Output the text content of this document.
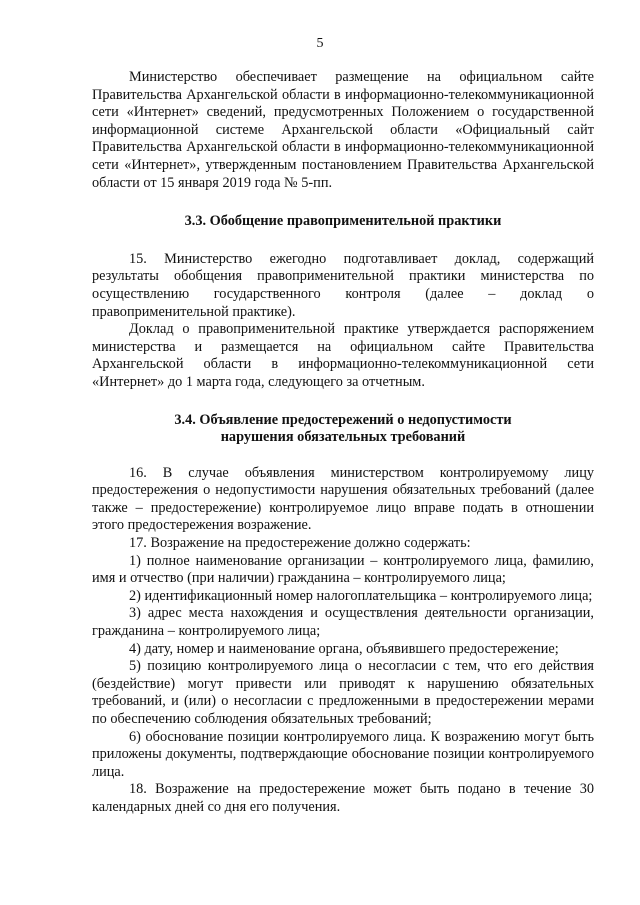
5

Министерство обеспечивает размещение на официальном сайте Правительства Архангельской области в информационно-телекоммуникационной сети «Интернет» сведений, предусмотренных Положением о государственной информационной системе Архангельской области «Официальный сайт Правительства Архангельской области в информационно-телекоммуникационной сети «Интернет», утвержденным постановлением Правительства Архангельской области от 15 января 2019 года № 5-пп.

3.3. Обобщение правоприменительной практики

15. Министерство ежегодно подготавливает доклад, содержащий результаты обобщения правоприменительной практики министерства по осуществлению государственного контроля (далее – доклад о правоприменительной практике).

Доклад о правоприменительной практике утверждается распоряжением министерства и размещается на официальном сайте Правительства Архангельской области в информационно-телекоммуникационной сети «Интернет» до 1 марта года, следующего за отчетным.

3.4. Объявление предостережений о недопустимости
нарушения обязательных требований

16. В случае объявления министерством контролируемому лицу предостережения о недопустимости нарушения обязательных требований (далее также – предостережение) контролируемое лицо вправе подать в отношении этого предостережения возражение.

17. Возражение на предостережение должно содержать:

1) полное наименование организации – контролируемого лица, фамилию, имя и отчество (при наличии) гражданина – контролируемого лица;

2) идентификационный номер налогоплательщика – контролируемого лица;

3) адрес места нахождения и осуществления деятельности организации, гражданина – контролируемого лица;

4) дату, номер и наименование органа, объявившего предостережение;

5) позицию контролируемого лица о несогласии с тем, что его действия (бездействие) могут привести или приводят к нарушению обязательных требований, и (или) о несогласии с предложенными в предостережении мерами по обеспечению соблюдения обязательных требований;

6) обоснование позиции контролируемого лица. К возражению могут быть приложены документы, подтверждающие обоснование позиции контролируемого лица.

18. Возражение на предостережение может быть подано в течение 30 календарных дней со дня его получения.
